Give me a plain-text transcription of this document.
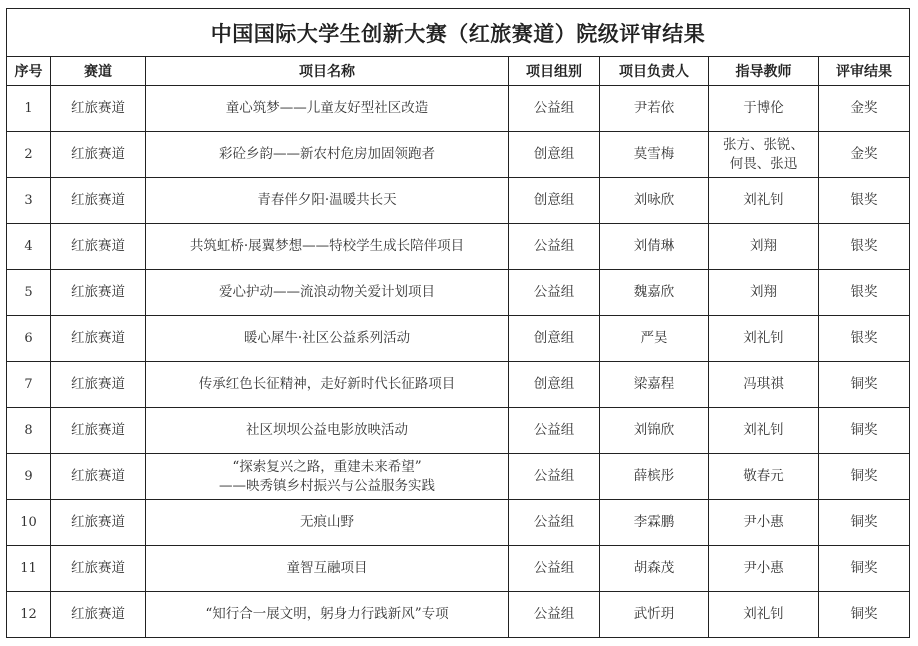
中国国际大学生创新大赛（红旅赛道）院级评审结果						
序号	赛道	项目名称	项目组别	项目负责人	指导教师	评审结果
1	红旅赛道	童心筑梦——儿童友好型社区改造	公益组	尹若依	于博伦	金奖
2	红旅赛道	彩砼乡韵——新农村危房加固领跑者	创意组	莫雪梅	张方、张锐、
何畏、张迅	金奖
3	红旅赛道	青春伴夕阳·温暖共长天	创意组	刘咏欣	刘礼钊	银奖
4	红旅赛道	共筑虹桥·展翼梦想——特校学生成长陪伴项目	公益组	刘倩琳	刘翔	银奖
5	红旅赛道	爱心护动——流浪动物关爱计划项目	公益组	魏嘉欣	刘翔	银奖
6	红旅赛道	暖心犀牛·社区公益系列活动	创意组	严昊	刘礼钊	银奖
7	红旅赛道	传承红色长征精神，走好新时代长征路项目	创意组	梁嘉程	冯琪祺	铜奖
8	红旅赛道	社区坝坝公益电影放映活动	公益组	刘锦欣	刘礼钊	铜奖
9	红旅赛道	“探索复兴之路，重建未来希望”
——映秀镇乡村振兴与公益服务实践	公益组	薛槟彤	敬春元	铜奖
10	红旅赛道	无痕山野	公益组	李霖鹏	尹小惠	铜奖
11	红旅赛道	童智互融项目	公益组	胡森茂	尹小惠	铜奖
12	红旅赛道	“知行合一展文明，躬身力行践新风”专项	公益组	武忻玥	刘礼钊	铜奖
